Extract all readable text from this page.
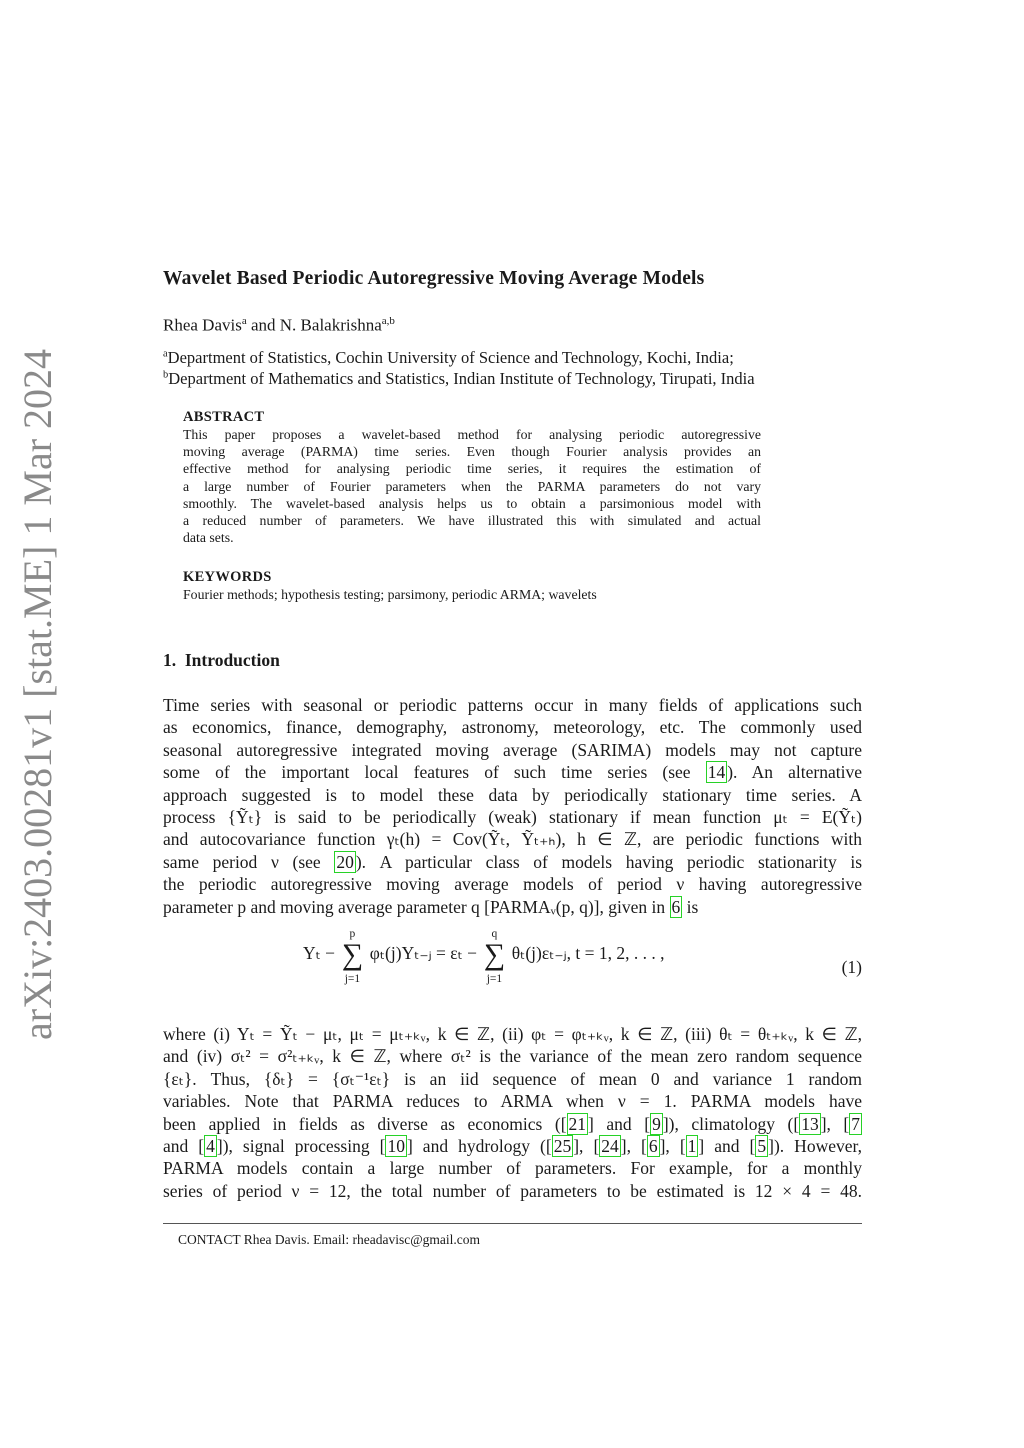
arXiv:2403.00281v1 [stat.ME] 1 Mar 2024
Wavelet Based Periodic Autoregressive Moving Average Models
Rhea Davis$^a$ and N. Balakrishna$^{a,b}$
$^a$Department of Statistics, Cochin University of Science and Technology, Kochi, India;
$^b$Department of Mathematics and Statistics, Indian Institute of Technology, Tirupati, India
ABSTRACT
This paper proposes a wavelet-based method for analysing periodic autoregressive
moving average (PARMA) time series. Even though Fourier analysis provides an
effective method for analysing periodic time series, it requires the estimation of
a large number of Fourier parameters when the PARMA parameters do not vary
smoothly. The wavelet-based analysis helps us to obtain a parsimonious model with
a reduced number of parameters. We have illustrated this with simulated and actual
data sets.
KEYWORDS
Fourier methods; hypothesis testing; parsimony, periodic ARMA; wavelets
1.  Introduction
Time series with seasonal or periodic patterns occur in many fields of applications such
as economics, finance, demography, astronomy, meteorology, etc. The commonly used
seasonal autoregressive integrated moving average (SARIMA) models may not capture
some of the important local features of such time series (see 14 ). An alternative
approach suggested is to model these data by periodically stationary time series. A
process {Ỹₜ} is said to be periodically (weak) stationary if mean function μₜ = E(Ỹₜ)
and autocovariance function γₜ(h) = Cov(Ỹₜ, Ỹₜ₊ₕ), h ∈ ℤ, are periodic functions with
same period ν (see 20 ). A particular class of models having periodic stationarity is
the periodic autoregressive moving average models of period ν having autoregressive
parameter p and moving average parameter q [PARMAᵥ(p, q)], given in 6 is
Yₜ −
p
∑
j=1
φₜ(j)Yₜ₋ⱼ = εₜ −
q
∑
j=1
θₜ(j)εₜ₋ⱼ, t = 1, 2, . . . ,
(1)
where (i) Yₜ = Ỹₜ − μₜ, μₜ = μₜ₊ₖᵥ, k ∈ ℤ, (ii) φₜ = φₜ₊ₖᵥ, k ∈ ℤ, (iii) θₜ = θₜ₊ₖᵥ, k ∈ ℤ,
and (iv) σₜ² = σ²ₜ₊ₖᵥ, k ∈ ℤ, where σₜ² is the variance of the mean zero random sequence
{εₜ}. Thus, {δₜ} = {σₜ⁻¹εₜ} is an iid sequence of mean 0 and variance 1 random
variables. Note that PARMA reduces to ARMA when ν = 1. PARMA models have
been applied in fields as diverse as economics ([ 21 ] and [ 9 ]), climatology ([ 13 ], [ 7
and [ 4 ]), signal processing [ 10 ] and hydrology ([ 25 ], [ 24 ], [ 6 ], [ 1 ] and [ 5 ]). However,
PARMA models contain a large number of parameters. For example, for a monthly
series of period ν = 12, the total number of parameters to be estimated is 12 × 4 = 48.
CONTACT Rhea Davis. Email: rheadavisc@gmail.com
